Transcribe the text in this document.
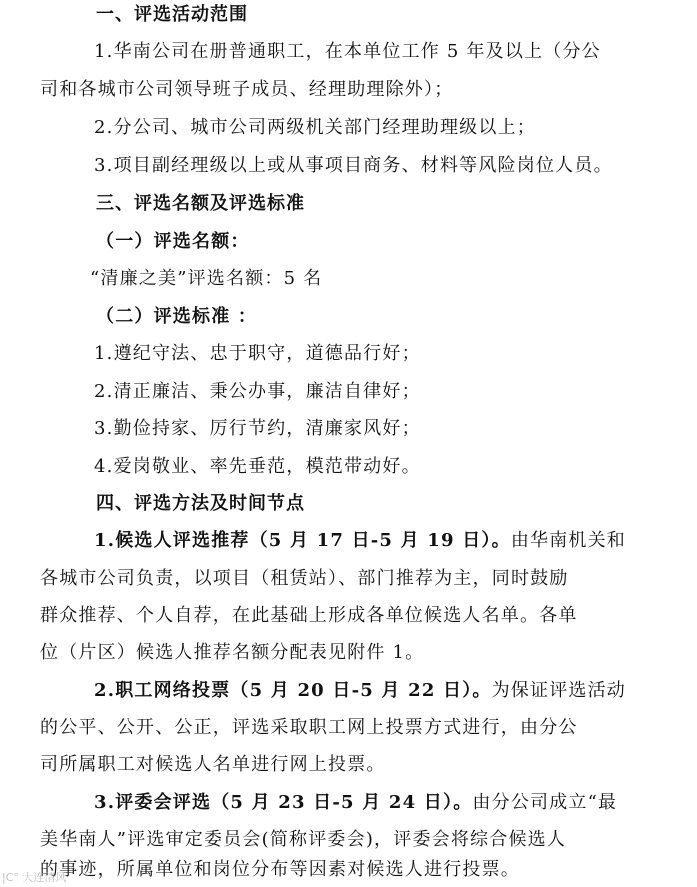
一、评选活动范围
1.华南公司在册普通职工，在本单位工作 5 年及以上（分公
司和各城市公司领导班子成员、经理助理除外）；
2.分公司、城市公司两级机关部门经理助理级以上；
3.项目副经理级以上或从事项目商务、材料等风险岗位人员。
三、评选名额及评选标准
（一）评选名额：
“清廉之美”评选名额：5 名
（二）评选标准 ：
1.遵纪守法、忠于职守，道德品行好；
2.清正廉洁、秉公办事，廉洁自律好；
3.勤俭持家、厉行节约，清廉家风好；
4.爱岗敬业、率先垂范，模范带动好。
四、评选方法及时间节点
1.候选人评选推荐（5 月 17 日-5 月 19 日）。由华南机关和
各城市公司负责，以项目（租赁站）、部门推荐为主，同时鼓励
群众推荐、个人自荐，在此基础上形成各单位候选人名单。各单
位（片区）候选人推荐名额分配表见附件 1。
2.职工网络投票（5 月 20 日-5 月 22 日）。为保证评选活动
的公平、公开、公正，评选采取职工网上投票方式进行，由分公
司所属职工对候选人名单进行网上投票。
3.评委会评选（5 月 23 日-5 月 24 日）。由分公司成立“最
美华南人”评选审定委员会(简称评委会)，评委会将综合候选人
的事迹，所属单位和岗位分布等因素对候选人进行投票。
|C° 大连清风
